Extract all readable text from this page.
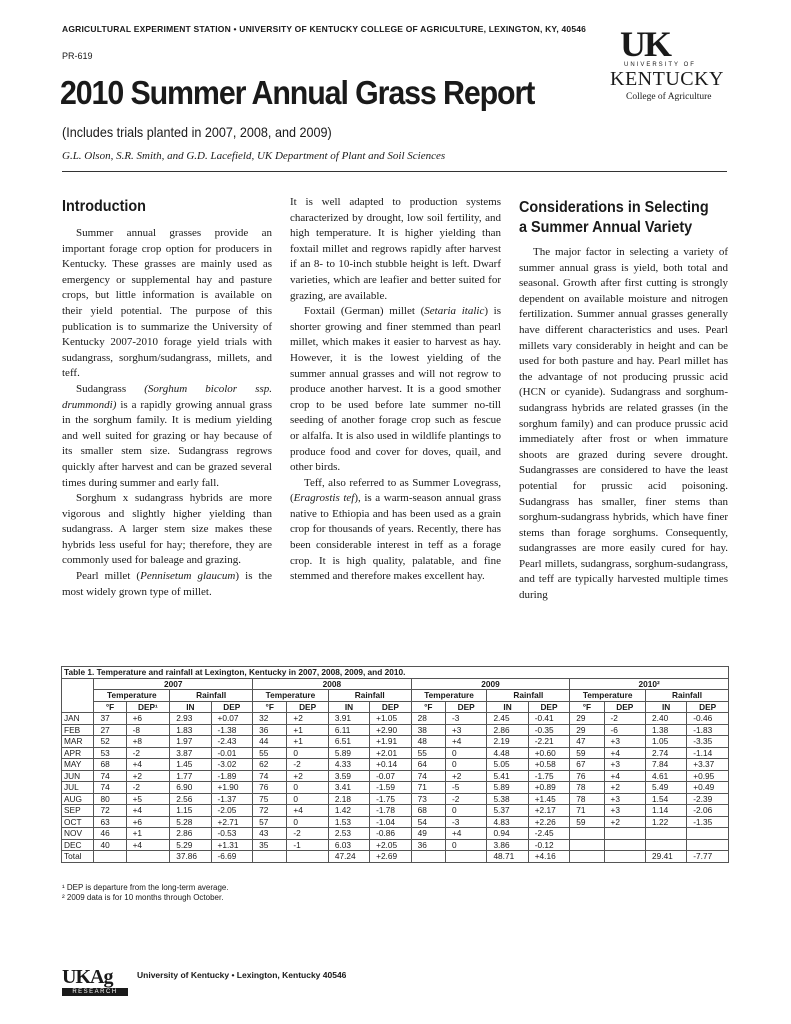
AGRICULTURAL EXPERIMENT STATION • UNIVERSITY OF KENTUCKY COLLEGE OF AGRICULTURE, LEXINGTON, KY, 40546
PR-619
2010 Summer Annual Grass Report
(Includes trials planted in 2007, 2008, and 2009)
G.L. Olson, S.R. Smith, and G.D. Lacefield, UK Department of Plant and Soil Sciences
UK
UNIVERSITY OF
KENTUCKY
College of Agriculture
Introduction

Summer annual grasses provide an important forage crop option for producers in Kentucky. These grasses are mainly used as emergency or supplemental hay and pasture crops, but little information is available on their yield potential. The purpose of this publication is to summarize the University of Kentucky 2007-2010 forage yield trials with sudangrass, sorghum/sudangrass, millets, and teff.

Sudangrass (Sorghum bicolor ssp. drummondi) is a rapidly growing annual grass in the sorghum family. It is medium yielding and well suited for grazing or hay because of its smaller stem size. Sudangrass regrows quickly after harvest and can be grazed several times during summer and early fall.

Sorghum x sudangrass hybrids are more vigorous and slightly higher yielding than sudangrass. A larger stem size makes these hybrids less useful for hay; therefore, they are commonly used for baleage and grazing.

Pearl millet (Pennisetum glaucum) is the most widely grown type of millet.

It is well adapted to production systems characterized by drought, low soil fertility, and high temperature. It is higher yielding than foxtail millet and regrows rapidly after harvest if an 8- to 10-inch stubble height is left. Dwarf varieties, which are leafier and better suited for grazing, are available.

Foxtail (German) millet (Setaria italic) is shorter growing and finer stemmed than pearl millet, which makes it easier to harvest as hay. However, it is the lowest yielding of the summer annual grasses and will not regrow to produce another harvest. It is a good smother crop to be used before late summer no-till seeding of another forage crop such as fescue or alfalfa. It is also used in wildlife plantings to produce food and cover for doves, quail, and other birds.

Teff, also referred to as Summer Lovegrass, (Eragrostis tef), is a warm-season annual grass native to Ethiopia and has been used as a grain crop for thousands of years. Recently, there has been considerable interest in teff as a forage crop. It is high quality, palatable, and fine stemmed and therefore makes excellent hay.

Considerations in Selecting
a Summer Annual Variety

The major factor in selecting a variety of summer annual grass is yield, both total and seasonal. Growth after first cutting is strongly dependent on available moisture and nitrogen fertilization. Summer annual grasses generally have different characteristics and uses. Pearl millets vary considerably in height and can be used for both pasture and hay. Pearl millet has the advantage of not producing prussic acid (HCN or cyanide). Sudangrass and sorghum-sudangrass hybrids are related grasses (in the sorghum family) and can produce prussic acid immediately after frost or when immature shoots are grazed during severe drought. Sudangrasses are considered to have the least potential for prussic acid poisoning. Sudangrass has smaller, finer stems than sorghum-sudangrass hybrids, which have finer stems than forage sorghums. Consequently, sudangrasses are more easily cured for hay. Pearl millets, sudangrass, sorghum-sudangrass, and teff are typically harvested multiple times during

Table 1. Temperature and rainfall at Lexington, Kentucky in 2007, 2008, 2009, and 2010.																
	2007				2008				2009				2010²			
	Temperature		Rainfall		Temperature		Rainfall		Temperature		Rainfall		Temperature		Rainfall	
	°F	DEP¹	IN	DEP	°F	DEP	IN	DEP	°F	DEP	IN	DEP	°F	DEP	IN	DEP
JAN	37	+6	2.93	+0.07	32	+2	3.91	+1.05	28	-3	2.45	-0.41	29	-2	2.40	-0.46
FEB	27	-8	1.83	-1.38	36	+1	6.11	+2.90	38	+3	2.86	-0.35	29	-6	1.38	-1.83
MAR	52	+8	1.97	-2.43	44	+1	6.51	+1.91	48	+4	2.19	-2.21	47	+3	1.05	-3.35
APR	53	-2	3.87	-0.01	55	0	5.89	+2.01	55	0	4.48	+0.60	59	+4	2.74	-1.14
MAY	68	+4	1.45	-3.02	62	-2	4.33	+0.14	64	0	5.05	+0.58	67	+3	7.84	+3.37
JUN	74	+2	1.77	-1.89	74	+2	3.59	-0.07	74	+2	5.41	-1.75	76	+4	4.61	+0.95
JUL	74	-2	6.90	+1.90	76	0	3.41	-1.59	71	-5	5.89	+0.89	78	+2	5.49	+0.49
AUG	80	+5	2.56	-1.37	75	0	2.18	-1.75	73	-2	5.38	+1.45	78	+3	1.54	-2.39
SEP	72	+4	1.15	-2.05	72	+4	1.42	-1.78	68	0	5.37	+2.17	71	+3	1.14	-2.06
OCT	63	+6	5.28	+2.71	57	0	1.53	-1.04	54	-3	4.83	+2.26	59	+2	1.22	-1.35
NOV	46	+1	2.86	-0.53	43	-2	2.53	-0.86	49	+4	0.94	-2.45				
DEC	40	+4	5.29	+1.31	35	-1	6.03	+2.05	36	0	3.86	-0.12				
Total			37.86	-6.69			47.24	+2.69			48.71	+4.16			29.41	-7.77
¹ DEP is departure from the long-term average.
² 2009 data is for 10 months through October.
UKAg
RESEARCH
University of Kentucky • Lexington, Kentucky 40546
